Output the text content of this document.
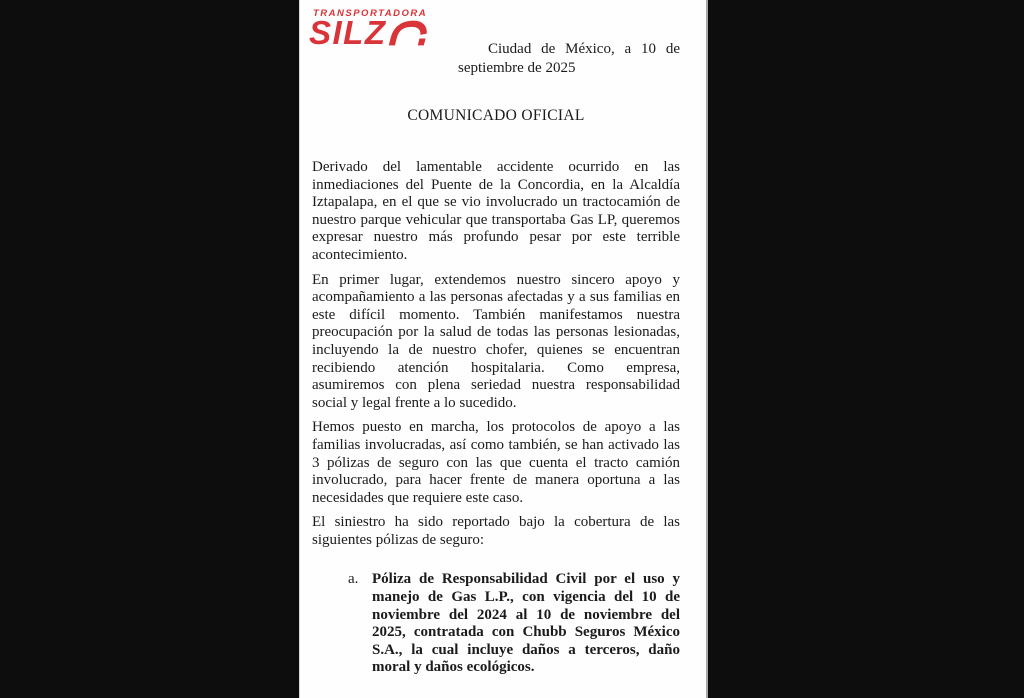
TRANSPORTADORA
SILZ	Ciudad de México, a 10 de septiembre de 2025
COMUNICADO OFICIAL

Derivado del lamentable accidente ocurrido en las inmediaciones del Puente de la Concordia, en la Alcaldía Iztapalapa, en el que se vio involucrado un tractocamión de nuestro parque vehicular que transportaba Gas LP, queremos expresar nuestro más profundo pesar por este terrible acontecimiento.

En primer lugar, extendemos nuestro sincero apoyo y acompañamiento a las personas afectadas y a sus familias en este difícil momento. También manifestamos nuestra preocupación por la salud de todas las personas lesionadas, incluyendo la de nuestro chofer, quienes se encuentran recibiendo atención hospitalaria. Como empresa, asumiremos con plena seriedad nuestra responsabilidad social y legal frente a lo sucedido.

Hemos puesto en marcha, los protocolos de apoyo a las familias involucradas, así como también, se han activado las 3 pólizas de seguro con las que cuenta el tracto camión involucrado, para hacer frente de manera oportuna a las necesidades que requiere este caso.

El siniestro ha sido reportado bajo la cobertura de las siguientes pólizas de seguro:

a. Póliza de Responsabilidad Civil por el uso y manejo de Gas L.P., con vigencia del 10 de noviembre del 2024 al 10 de noviembre del 2025, contratada con Chubb Seguros México S.A., la cual incluye daños a terceros, daño moral y daños ecológicos.
